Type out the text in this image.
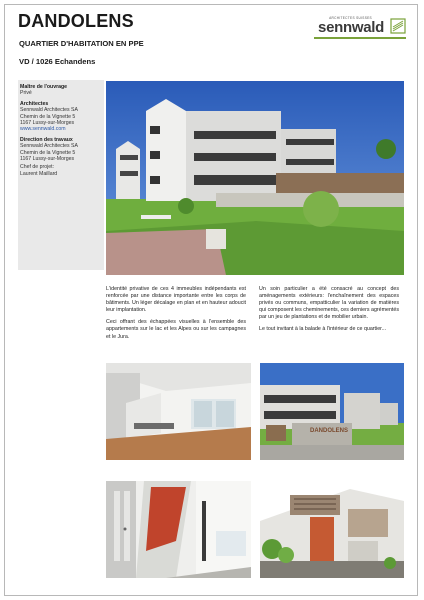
DANDOLENS
QUARTIER D'HABITATION EN PPE
VD / 1026 Echandens
ARCHITECTES SUISSES
sennwald
Maître de l'ouvrage
Privé
Architectes
Sennwald Architectes SA
Chemin de la Vignette 5
1167 Lussy-sur-Morges
www.sennwald.com
Direction des travaux
Sennwald Architectes SA
Chemin de la Vignette 5
1167 Lussy-sur-Morges
Chef de projet:
Laurent Maillard

L'identité privative de ces 4 immeubles indépendants est renforcée par une distance importante entre les corps de bâtiments. Un léger décalage en plan et en hauteur adoucit leur implantation.

Ceci offrant des échappées visuelles à l'ensemble des appartements sur le lac et les Alpes ou sur les campagnes et le Jura.

Un soin particulier a été consacré au concept des aménagements extérieurs: l'enchaînement des espaces privés ou communs, empatticulier la variation de matières qui composent les cheminements, ces derniers agrémentés par un jeu de plantations et de mobilier urbain.

Le tout invitant à la balade à l'intérieur de ce quartier...

DANDOLENS
